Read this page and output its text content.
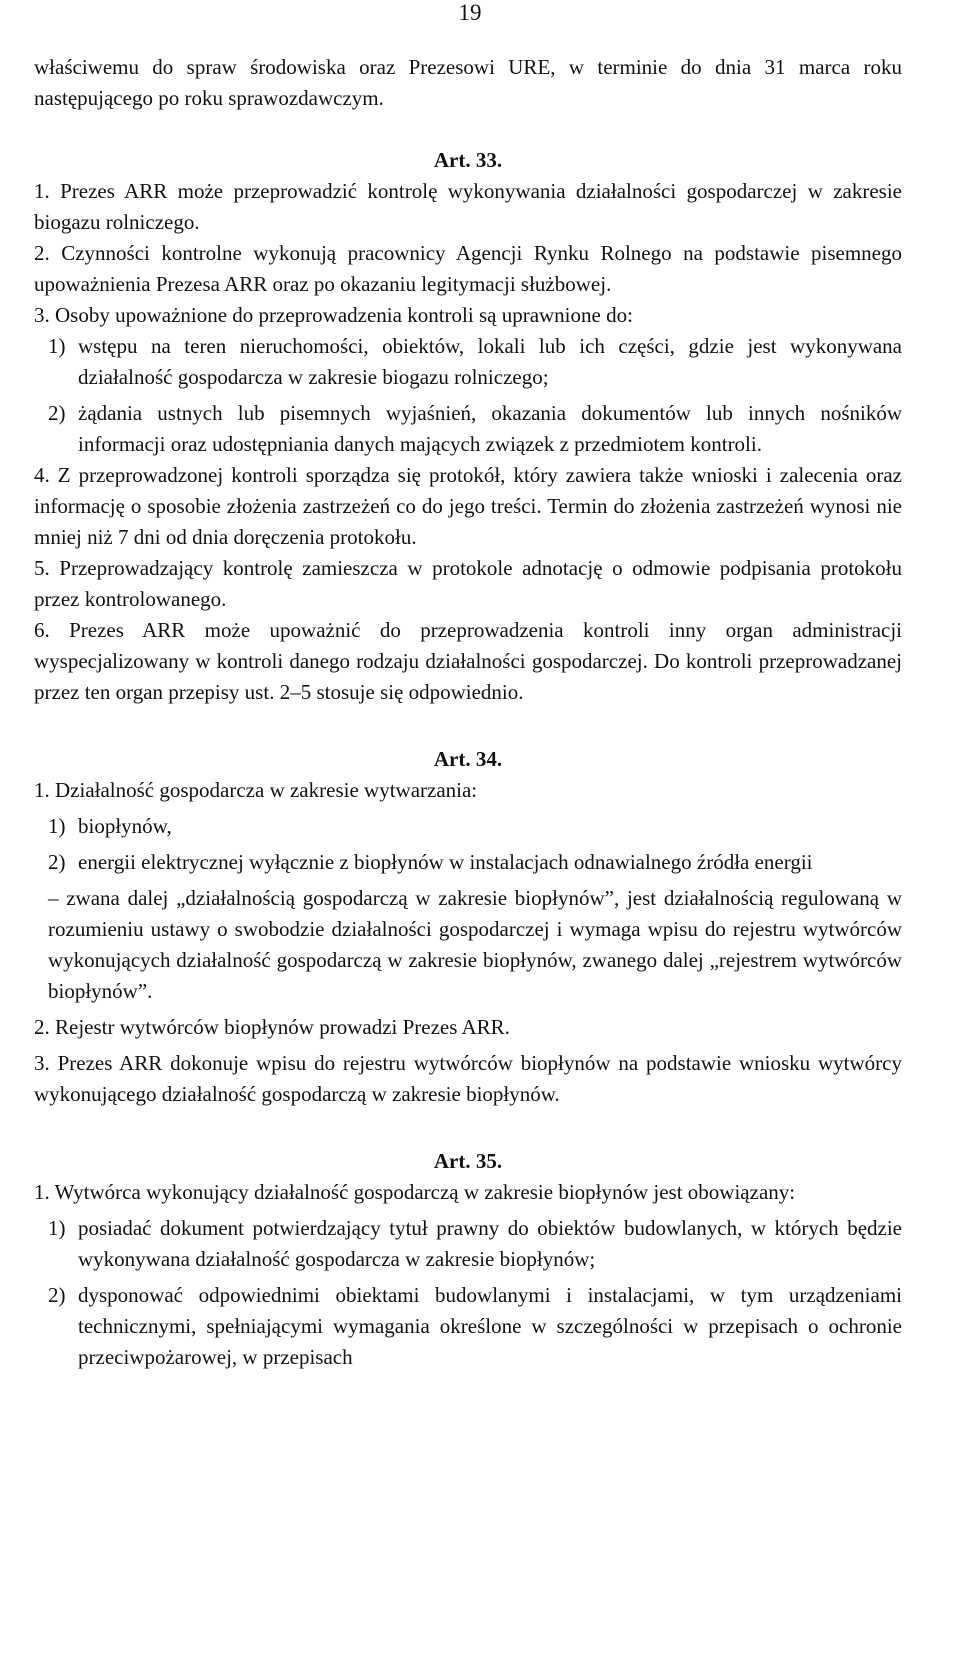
19

właściwemu do spraw środowiska oraz Prezesowi URE, w terminie do dnia 31 marca roku następującego po roku sprawozdawczym.

Art. 33.

1. Prezes ARR może przeprowadzić kontrolę wykonywania działalności gospodarczej w zakresie biogazu rolniczego.

2. Czynności kontrolne wykonują pracownicy Agencji Rynku Rolnego na podstawie pisemnego upoważnienia Prezesa ARR oraz po okazaniu legitymacji służbowej.

3. Osoby upoważnione do przeprowadzenia kontroli są uprawnione do:

1) wstępu na teren nieruchomości, obiektów, lokali lub ich części, gdzie jest wykonywana działalność gospodarcza w zakresie biogazu rolniczego;

2) żądania ustnych lub pisemnych wyjaśnień, okazania dokumentów lub innych nośników informacji oraz udostępniania danych mających związek z przedmiotem kontroli.

4. Z przeprowadzonej kontroli sporządza się protokół, który zawiera także wnioski i zalecenia oraz informację o sposobie złożenia zastrzeżeń co do jego treści. Termin do złożenia zastrzeżeń wynosi nie mniej niż 7 dni od dnia doręczenia protokołu.

5. Przeprowadzający kontrolę zamieszcza w protokole adnotację o odmowie podpisania protokołu przez kontrolowanego.

6. Prezes ARR może upoważnić do przeprowadzenia kontroli inny organ administracji wyspecjalizowany w kontroli danego rodzaju działalności gospodarczej. Do kontroli przeprowadzanej przez ten organ przepisy ust. 2–5 stosuje się odpowiednio.

Art. 34.

1. Działalność gospodarcza w zakresie wytwarzania:

1) biopłynów,

2) energii elektrycznej wyłącznie z biopłynów w instalacjach odnawialnego źródła energii

– zwana dalej „działalnością gospodarczą w zakresie biopłynów”, jest działalnością regulowaną w rozumieniu ustawy o swobodzie działalności gospodarczej i wymaga wpisu do rejestru wytwórców wykonujących działalność gospodarczą w zakresie biopłynów, zwanego dalej „rejestrem wytwórców biopłynów”.

2. Rejestr wytwórców biopłynów prowadzi Prezes ARR.

3. Prezes ARR dokonuje wpisu do rejestru wytwórców biopłynów na podstawie wniosku wytwórcy wykonującego działalność gospodarczą w zakresie biopłynów.

Art. 35.

1. Wytwórca wykonujący działalność gospodarczą w zakresie biopłynów jest obowiązany:

1) posiadać dokument potwierdzający tytuł prawny do obiektów budowlanych, w których będzie wykonywana działalność gospodarcza w zakresie biopłynów;

2) dysponować odpowiednimi obiektami budowlanymi i instalacjami, w tym urządzeniami technicznymi, spełniającymi wymagania określone w szczególności w przepisach o ochronie przeciwpożarowej, w przepisach
